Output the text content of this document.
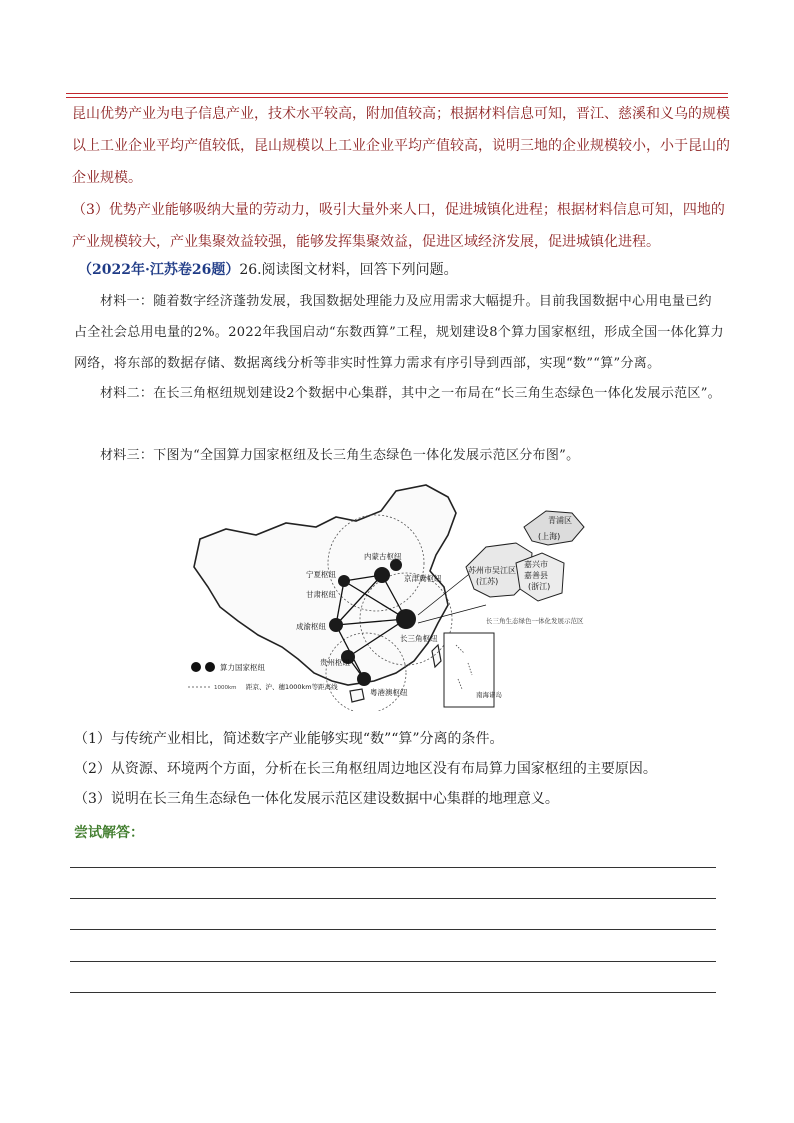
昆山优势产业为电子信息产业，技术水平较高，附加值较高；根据材料信息可知，晋江、慈溪和义乌的规模以上工业企业平均产值较低，昆山规模以上工业企业平均产值较高，说明三地的企业规模较小，小于昆山的企业规模。

（3）优势产业能够吸纳大量的劳动力，吸引大量外来人口，促进城镇化进程；根据材料信息可知，四地的产业规模较大，产业集聚效益较强，能够发挥集聚效益，促进区域经济发展，促进城镇化进程。

（2022年·江苏卷26题）26.阅读图文材料，回答下列问题。

材料一：随着数字经济蓬勃发展，我国数据处理能力及应用需求大幅提升。目前我国数据中心用电量已约占全社会总用电量的2%。2022年我国启动“东数西算”工程，规划建设8个算力国家枢纽，形成全国一体化算力网络，将东部的数据存储、数据离线分析等非实时性算力需求有序引导到西部，实现“数”“算”分离。

材料二：在长三角枢纽规划建设2个数据中心集群，其中之一布局在“长三角生态绿色一体化发展示范区”。

材料三：下图为“全国算力国家枢纽及长三角生态绿色一体化发展示范区分布图”。

内蒙古枢纽
宁夏枢纽
甘肃枢纽
京津冀枢纽
成渝枢纽
长三角枢纽
贵州枢纽
粤港澳枢纽
苏州市吴江区
(江苏)
青浦区
(上海)
嘉兴市
嘉善县
(浙江)
长三角生态绿色一体化发展示范区
南海诸岛
算力国家枢纽
1000km 距京、沪、穗1000km等距离线

（1）与传统产业相比，简述数字产业能够实现“数”“算”分离的条件。

（2）从资源、环境两个方面，分析在长三角枢纽周边地区没有布局算力国家枢纽的主要原因。

（3）说明在长三角生态绿色一体化发展示范区建设数据中心集群的地理意义。

尝试解答：
